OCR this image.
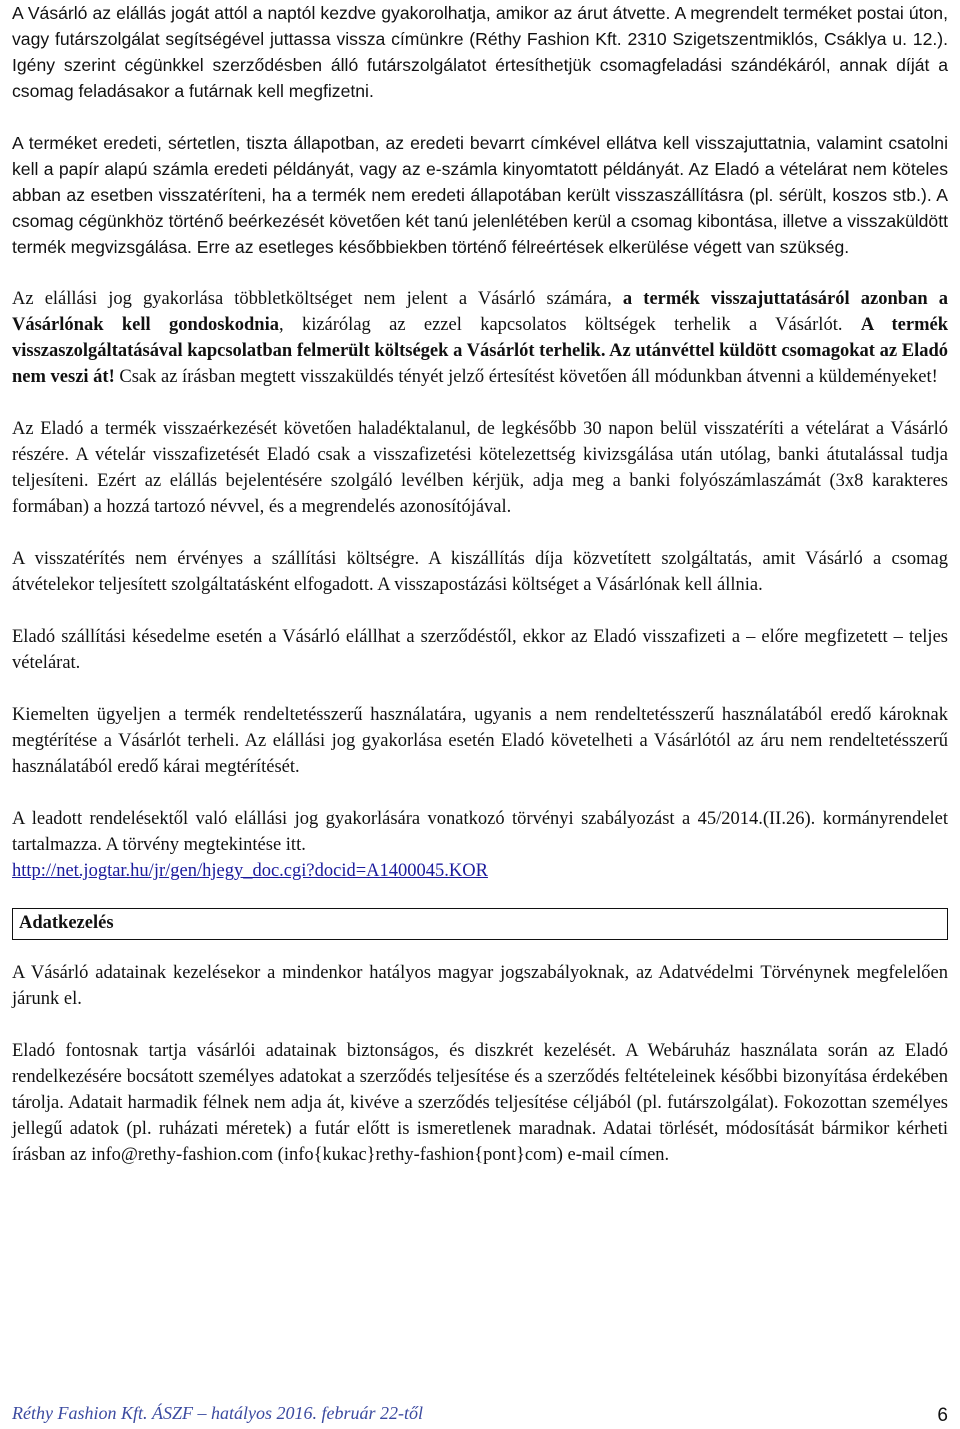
A Vásárló az elállás jogát attól a naptól kezdve gyakorolhatja, amikor az árut átvette. A megrendelt terméket postai úton, vagy futárszolgálat segítségével juttassa vissza címünkre (Réthy Fashion Kft. 2310 Szigetszentmiklós, Csáklya u. 12.). Igény szerint cégünkkel szerződésben álló futárszolgálatot értesíthetjük csomagfeladási szándékáról, annak díját a csomag feladásakor a futárnak kell megfizetni.

A terméket eredeti, sértetlen, tiszta állapotban, az eredeti bevarrt címkével ellátva kell visszajuttatnia, valamint csatolni kell a papír alapú számla eredeti példányát, vagy az e-számla kinyomtatott példányát. Az Eladó a vételárat nem köteles abban az esetben visszatéríteni, ha a termék nem eredeti állapotában került visszaszállításra (pl. sérült, koszos stb.). A csomag cégünkhöz történő beérkezését követően két tanú jelenlétében kerül a csomag kibontása, illetve a visszaküldött termék megvizsgálása. Erre az esetleges későbbiekben történő félreértések elkerülése végett van szükség.

Az elállási jog gyakorlása többletköltséget nem jelent a Vásárló számára, a termék visszajuttatásáról azonban a Vásárlónak kell gondoskodnia, kizárólag az ezzel kapcsolatos költségek terhelik a Vásárlót. A termék visszaszolgáltatásával kapcsolatban felmerült költségek a Vásárlót terhelik. Az utánvéttel küldött csomagokat az Eladó nem veszi át! Csak az írásban megtett visszaküldés tényét jelző értesítést követően áll módunkban átvenni a küldeményeket!

Az Eladó a termék visszaérkezését követően haladéktalanul, de legkésőbb 30 napon belül visszatéríti a vételárat a Vásárló részére. A vételár visszafizetését Eladó csak a visszafizetési kötelezettség kivizsgálása után utólag, banki átutalással tudja teljesíteni. Ezért az elállás bejelentésére szolgáló levélben kérjük, adja meg a banki folyószámlaszámát (3x8 karakteres formában) a hozzá tartozó névvel, és a megrendelés azonosítójával.

A visszatérítés nem érvényes a szállítási költségre. A kiszállítás díja közvetített szolgáltatás, amit Vásárló a csomag átvételekor teljesített szolgáltatásként elfogadott. A visszapostázási költséget a Vásárlónak kell állnia.

Eladó szállítási késedelme esetén a Vásárló elállhat a szerződéstől, ekkor az Eladó visszafizeti a – előre megfizetett – teljes vételárat.

Kiemelten ügyeljen a termék rendeltetésszerű használatára, ugyanis a nem rendeltetésszerű használatából eredő károknak megtérítése a Vásárlót terheli. Az elállási jog gyakorlása esetén Eladó követelheti a Vásárlótól az áru nem rendeltetésszerű használatából eredő kárai megtérítését.

A leadott rendelésektől való elállási jog gyakorlására vonatkozó törvényi szabályozást a 45/2014.(II.26). kormányrendelet tartalmazza. A törvény megtekintése itt.
http://net.jogtar.hu/jr/gen/hjegy_doc.cgi?docid=A1400045.KOR

Adatkezelés

A Vásárló adatainak kezelésekor a mindenkor hatályos magyar jogszabályoknak, az Adatvédelmi Törvénynek megfelelően járunk el.

Eladó fontosnak tartja vásárlói adatainak biztonságos, és diszkrét kezelését. A Webáruház használata során az Eladó rendelkezésére bocsátott személyes adatokat a szerződés teljesítése és a szerződés feltételeinek későbbi bizonyítása érdekében tárolja. Adatait harmadik félnek nem adja át, kivéve a szerződés teljesítése céljából (pl. futárszolgálat). Fokozottan személyes jellegű adatok (pl. ruházati méretek) a futár előtt is ismeretlenek maradnak. Adatai törlését, módosítását bármikor kérheti írásban az info@rethy-fashion.com (info{kukac}rethy-fashion{pont}com) e-mail címen.

Réthy Fashion Kft. ÁSZF – hatályos 2016. február 22-től	6
